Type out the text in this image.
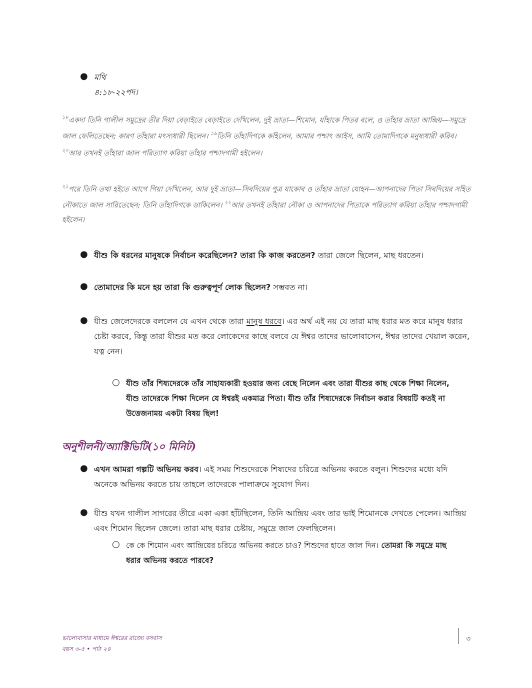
● মথি ৪:১৮-২২পদ।
$^{১৮}$একদা তিনি গালীল সমুদ্রের তীর দিয়া বেড়াইতে বেড়াইতে দেখিলেন, দুই ভ্রাতা—শিমোন, যাঁহাকে পিতর বলে, ও তাঁহার ভ্রাতা আন্দ্রিয়—সমুদ্রে জাল ফেলিতেছেন; কারণ তাঁহারা মৎস্যধারী ছিলেন। $^{১৯}$তিনি তাঁহাদিগকে কহিলেন, আমার পশ্চাৎ আইস, আমি তোমাদিগকে মনুষ্যধারী করিব। $^{২০}$আর তখনই তাঁহারা জাল পরিত্যাগ করিয়া তাঁহার পশ্চাদগামী হইলেন।
$^{২১}$পরে তিনি তথা হইতে আগে গিয়া দেখিলেন, আর দুই ভ্রাতা—সিবদিয়ের পুত্র যাকোব ও তাঁহার ভ্রাতা যোহন—আপনাদের পিতা সিবদিয়ের সহিত নৌকাতে জাল সারিতেছেন; তিনি তাঁহাদিগকে ডাকিলেন। $^{২২}$আর তখনই তাঁহারা নৌকা ও আপনাদের পিতাকে পরিত্যাগ করিয়া তাঁহার পশ্চাদগামী হইলেন।
● যীশু কি ধরনের মানুষকে নির্বাচন করেছিলেন? তারা কি কাজ করতেন? তারা জেলে ছিলেন, মাছ ধরতেন।
● তোমাদের কি মনে হয় তারা কি গুরুত্বপূর্ণ লোক ছিলেন? সম্ভবত না।
● যীশু জেলেদেরকে বললেন যে এখন থেকে তারা মানুষ ধরবে। এর অর্থ এই নয় যে তারা মাছ ধরার মত করে মানুষ ধরার
চেষ্টা করবে, কিন্তু তারা যীশুর মত করে লোকেদের কাছে বলবে যে ঈশ্বর তাদের ভালোবাসেন, ঈশ্বর তাদের খেয়াল করেন,
যত্ন নেন।
○ যীশু তাঁর শিষ্যদেরকে তাঁর সাহায্যকারী হওয়ার জন্য বেছে নিলেন এবং তারা যীশুর কাছ থেকে শিক্ষা নিলেন,
যীশু তাদেরকে শিক্ষা দিলেন যে ঈশ্বরই একমাত্র পিতা। যীশু তাঁর শিষ্যদেরকে নির্বাচন করার বিষয়টি কতই না
উত্তেজনাময় একটা বিষয় ছিল!
অনুশীলনী/অ্যাক্টিভিটি(১০ মিনিট)
● এখন আমরা গল্পটি অভিনয় করব। এই সময় শিশুদেরকে শিষ্যদের চরিত্রে অভিনয় করতে বলুন। শিশুদের মধ্যে যদি
অনেকে অভিনয় করতে চায় তাহলে তাদেরকে পালাক্রমে সুযোগ দিন।
● যীশু যখন গালীল সাগরের তীরে একা একা হাঁটছিলেন, তিনি আন্দ্রিয় এবং তার ভাই শিমোনকে দেখতে পেলেন। আন্দ্রিয়
এবং শিমোন ছিলেন জেলে। তারা মাছ ধরার চেষ্টায়, সমুদ্রে জাল ফেলছিলেন।
○ কে কে শিমোন এবং আন্দ্রিয়ের চরিত্রে অভিনয় করতে চাও? শিশুদের হাতে জাল দিন। তোমরা কি সমুদ্রে মাছ
ধরার অভিনয় করতে পারবে?
ভালোবাসার মাধ্যমে ঈশ্বরের রাজ্যে বসবাস
বয়স ৩-৫ • পাঠ ২৪
৩
